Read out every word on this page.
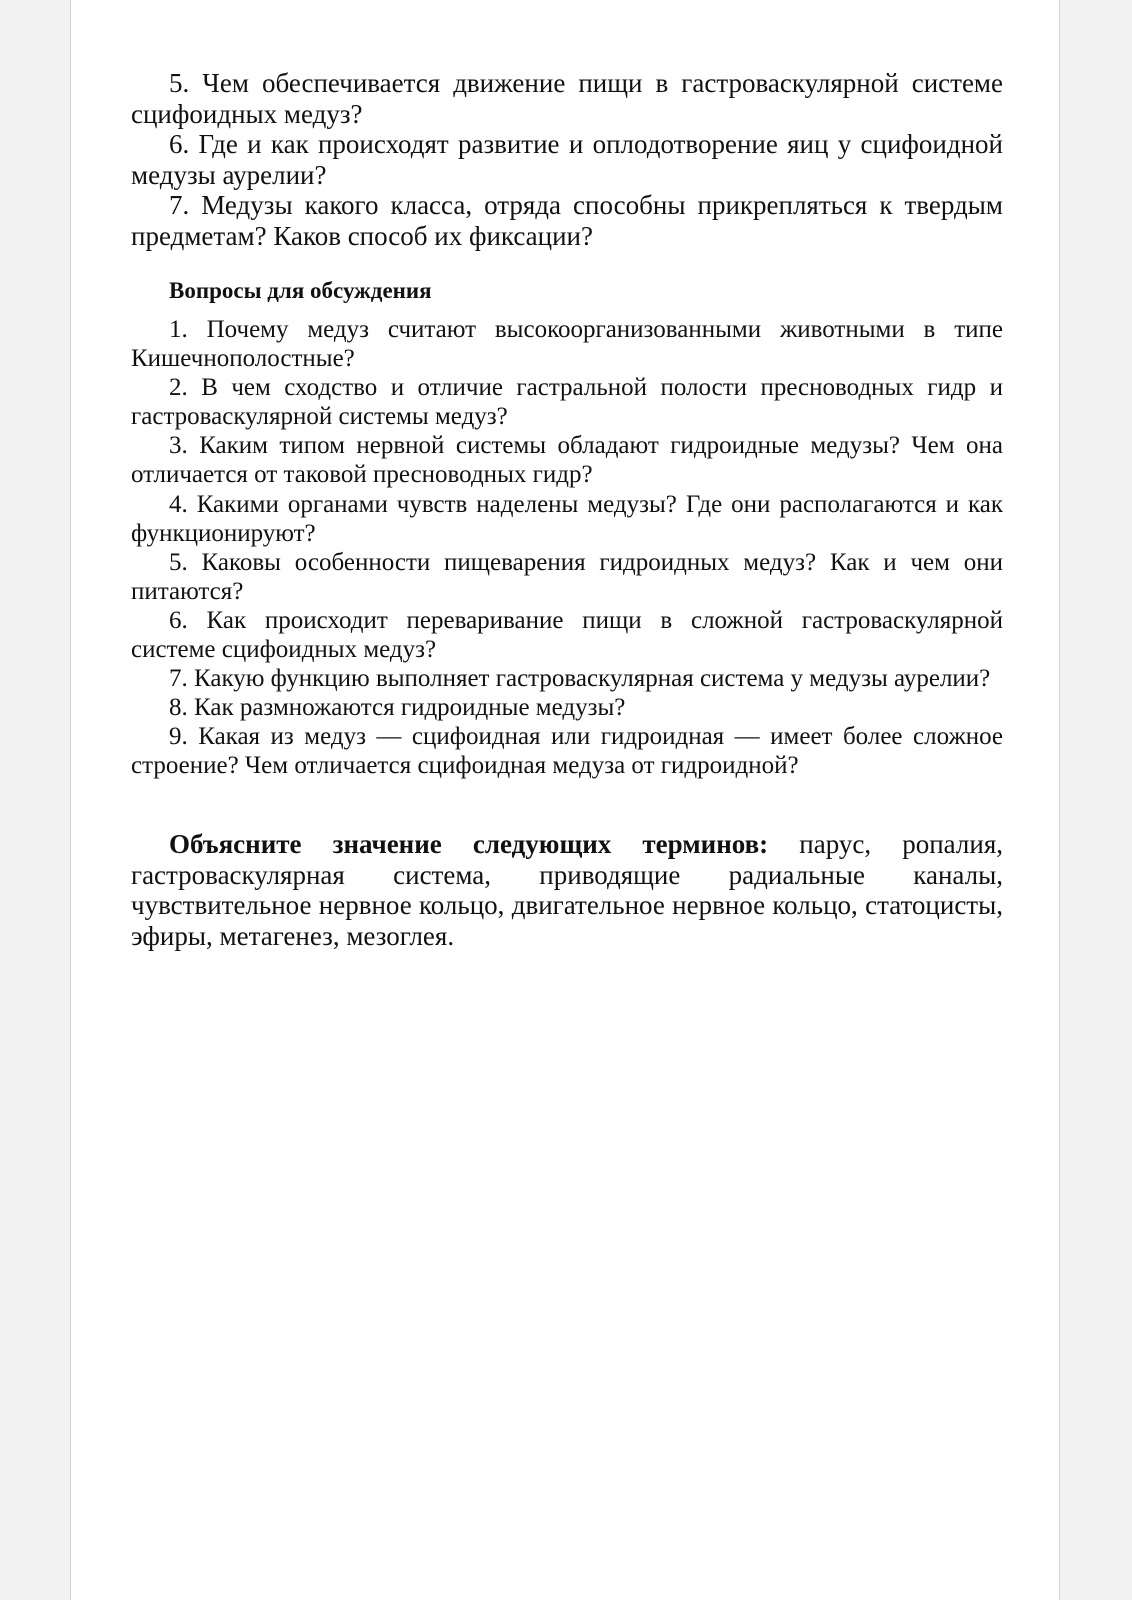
5. Чем обеспечивается движение пищи в гастроваскулярной системе сцифоидных медуз?

6. Где и как происходят развитие и оплодотворение яиц у сцифоидной медузы аурелии?

7. Медузы какого класса, отряда способны прикрепляться к твердым предметам? Каков способ их фиксации?

Вопросы для обсуждения

1. Почему медуз считают высокоорганизованными животными в типе Кишечнополостные?

2. В чем сходство и отличие гастральной полости пресноводных гидр и гастроваскулярной системы медуз?

3. Каким типом нервной системы обладают гидроидные медузы? Чем она отличается от таковой пресноводных гидр?

4. Какими органами чувств наделены медузы? Где они располагаются и как функционируют?

5. Каковы особенности пищеварения гидроидных медуз? Как и чем они питаются?

6. Как происходит переваривание пищи в сложной гастроваскулярной системе сцифоидных медуз?

7. Какую функцию выполняет гастроваскулярная система у медузы аурелии?

8. Как размножаются гидроидные медузы?

9. Какая из медуз — сцифоидная или гидроидная — имеет более сложное строение? Чем отличается сцифоидная медуза от гидроидной?

Объясните значение следующих терминов: парус, ропалия, гастроваскулярная система, приводящие радиальные каналы, чувствительное нервное кольцо, двигательное нервное кольцо, статоцисты, эфиры, метагенез, мезоглея.
